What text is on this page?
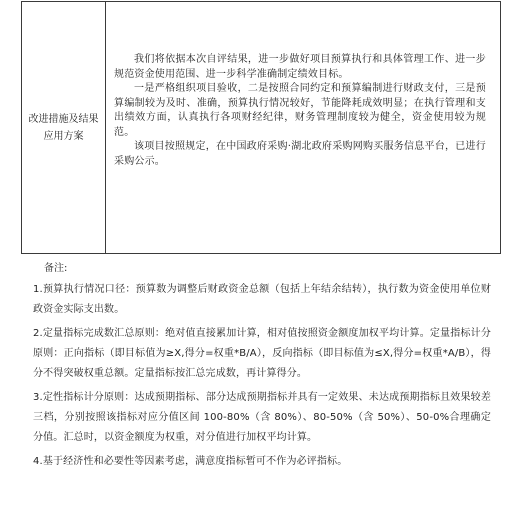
改进措施及结果应用方案

我们将依据本次自评结果，进一步做好项目预算执行和具体管理工作、进一步规范资金使用范围、进一步科学准确制定绩效目标。

一是严格组织项目验收，二是按照合同约定和预算编制进行财政支付，三是预算编制较为及时、准确，预算执行情况较好，节能降耗成效明显；在执行管理和支出绩效方面，认真执行各项财经纪律，财务管理制度较为健全，资金使用较为规范。

该项目按照规定，在中国政府采购·湖北政府采购网购买服务信息平台，已进行采购公示。

备注:

1.预算执行情况口径：预算数为调整后财政资金总额（包括上年结余结转），执行数为资金使用单位财政资金实际支出数。

2.定量指标完成数汇总原则：绝对值直接累加计算，相对值按照资金额度加权平均计算。定量指标计分原则：正向指标（即目标值为≥X,得分=权重*B/A），反向指标（即目标值为≤X,得分=权重*A/B），得分不得突破权重总额。定量指标按汇总完成数，再计算得分。

3.定性指标计分原则：达成预期指标、部分达成预期指标并具有一定效果、未达成预期指标且效果较差三档，分别按照该指标对应分值区间 100-80%（含 80%）、80-50%（含 50%）、50-0%合理确定分值。汇总时，以资金额度为权重，对分值进行加权平均计算。

4.基于经济性和必要性等因素考虑，满意度指标暂可不作为必评指标。
